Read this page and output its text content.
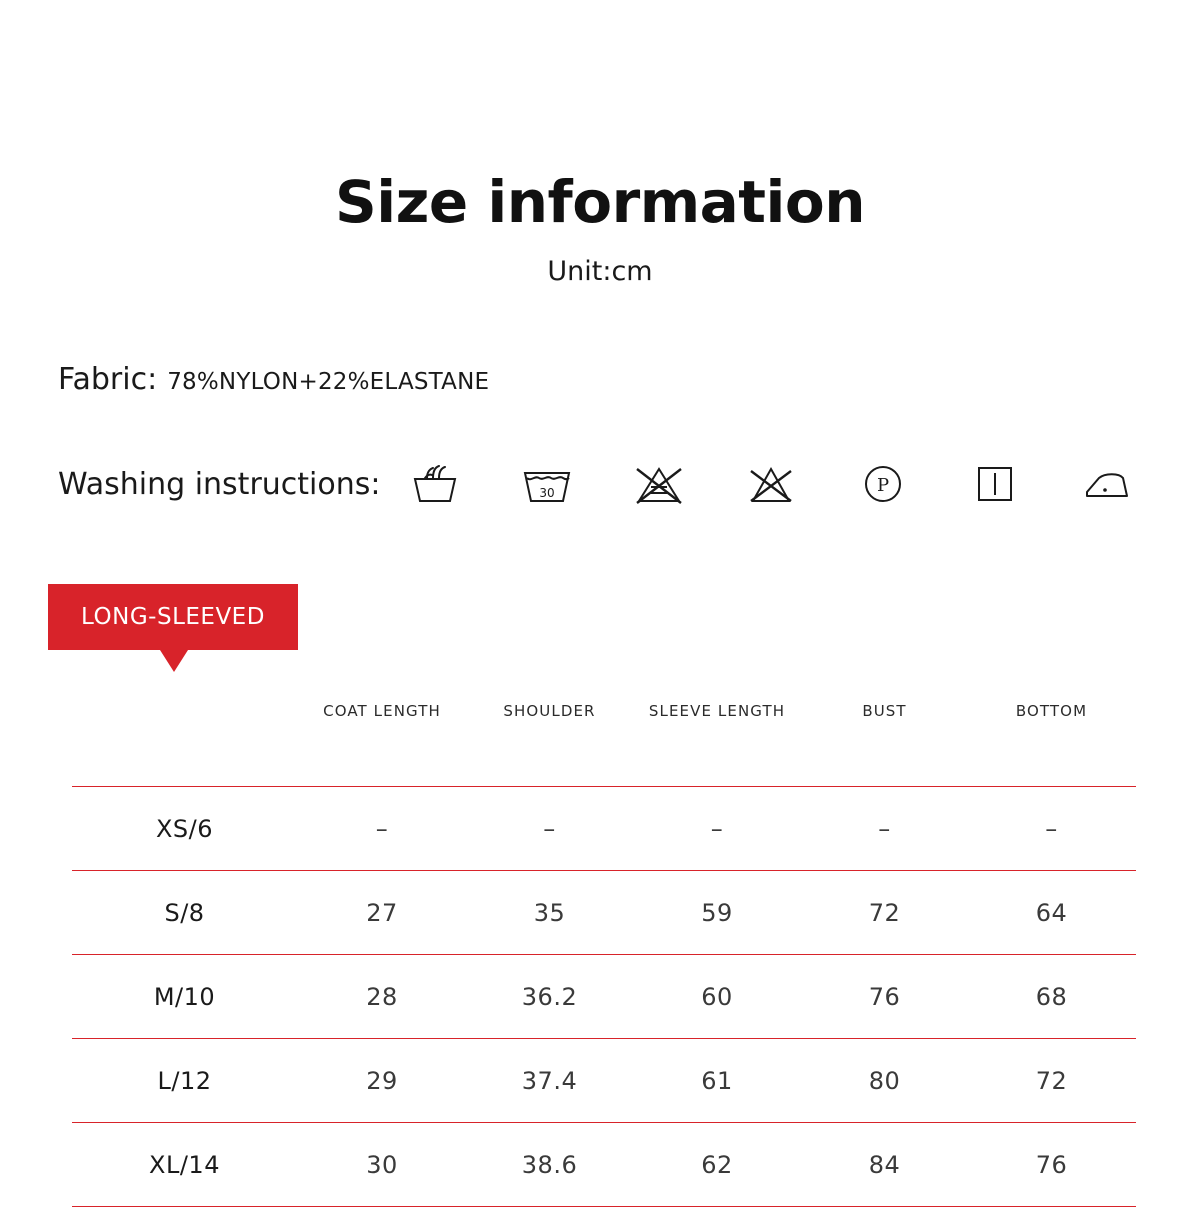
Size information
Unit:cm
Fabric: 78%NYLON+22%ELASTANE
Washing instructions:	30	P
LONG-SLEEVED
	COAT LENGTH	SHOULDER	SLEEVE LENGTH	BUST	BOTTOM
XS/6	–	–	–	–	–
S/8	27	35	59	72	64
M/10	28	36.2	60	76	68
L/12	29	37.4	61	80	72
XL/14	30	38.6	62	84	76
